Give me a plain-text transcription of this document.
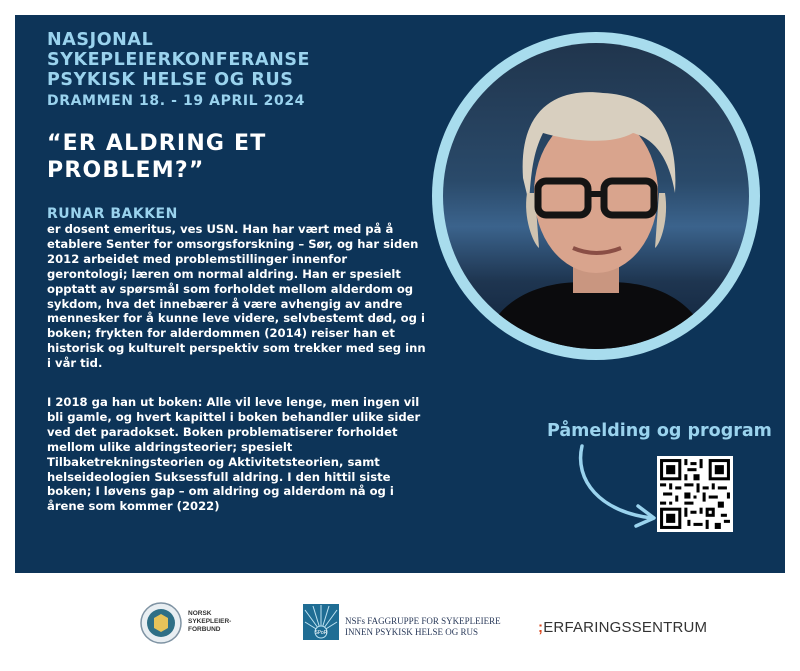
NASJONAL
SYKEPLEIERKONFERANSE
PSYKISK HELSE OG RUS
DRAMMEN 18. - 19 APRIL 2024
“ER ALDRING ET
PROBLEM?”
RUNAR BAKKEN
er dosent emeritus, ves USN. Han har vært med på å etablere Senter for omsorgsforskning – Sør, og har siden 2012 arbeidet med problemstillinger innenfor gerontologi; læren om normal aldring. Han er spesielt opptatt av spørsmål som forholdet mellom alderdom og sykdom, hva det innebærer å være avhengig av andre mennesker for å kunne leve videre, selvbestemt død, og i boken; frykten for alderdommen (2014) reiser han et historisk og kulturelt perspektiv som trekker med seg inn i vår tid.
I 2018 ga han ut boken: Alle vil leve lenge, men ingen vil bli gamle, og hvert kapittel i boken behandler ulike sider ved det paradokset. Boken problematiserer forholdet mellom ulike aldringsteorier; spesielt Tilbaketrekningsteorien og Aktivitetsteorien, samt helseideologien Suksessfull aldring. I den hittil siste boken; I løvens gap – om aldring og alderdom nå og i årene som kommer (2022)
Påmelding og program
NORSK
SYKEPLEIER-
FORBUND	SPoR
NSFs FAGGRUPPE FOR SYKEPLEIERE
INNEN PSYKISK HELSE OG RUS	;ERFARINGSSENTRUM
